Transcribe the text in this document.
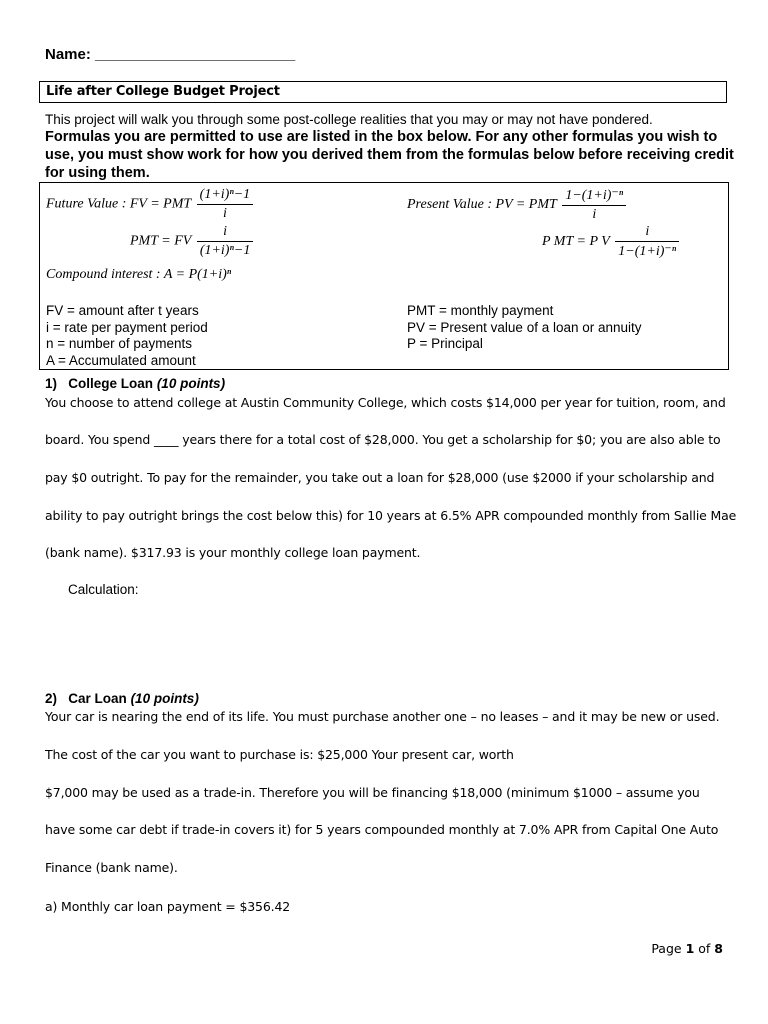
Name: ________________________
Life after College Budget Project
This project will walk you through some post-college realities that you may or may not have pondered.
Formulas you are permitted to use are listed in the box below. For any other formulas you wish to use, you must show work for how you derived them from the formulas below before receiving credit for using them.
Future Value : FV = PMT $\frac{\text{(1+i)ⁿ−1}}{i}$	Present Value : PV = PMT $\frac{\text{1−(1+i)⁻ⁿ}}{i}$
PMT = FV $\frac{i}{\text{(1+i)ⁿ−1}}$	P MT = P V $\frac{i}{\text{1−(1+i)⁻ⁿ}}$
Compound interest : A = P(1+i)ⁿ
FV = amount after t years
i = rate per payment period
n = number of payments
A = Accumulated amount
PMT = monthly payment
PV = Present value of a loan or annuity
P = Principal
1) College Loan (10 points)
You choose to attend college at Austin Community College, which costs $14,000 per year for tuition, room, and
board. You spend ____ years there for a total cost of $28,000. You get a scholarship for $0; you are also able to
pay $0 outright. To pay for the remainder, you take out a loan for $28,000 (use $2000 if your scholarship and
ability to pay outright brings the cost below this) for 10 years at 6.5% APR compounded monthly from Sallie Mae
(bank name). $317.93 is your monthly college loan payment.
Calculation:
2) Car Loan (10 points)
Your car is nearing the end of its life. You must purchase another one – no leases – and it may be new or used.
The cost of the car you want to purchase is: $25,000 Your present car, worth
$7,000 may be used as a trade-in. Therefore you will be financing $18,000 (minimum $1000 – assume you
have some car debt if trade-in covers it) for 5 years compounded monthly at 7.0% APR from Capital One Auto
Finance (bank name).
a) Monthly car loan payment = $356.42
Page 1 of 8
